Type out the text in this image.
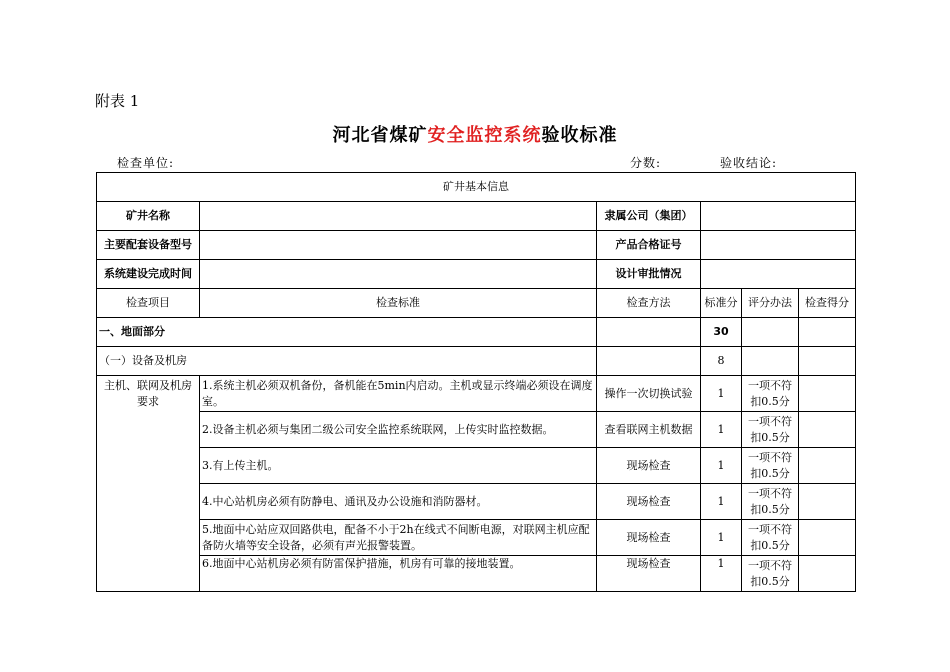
附表 1
河北省煤矿安全监控系统验收标准
检查单位:	分数:	验收结论:
矿井基本信息					
矿井名称		隶属公司（集团）			
主要配套设备型号		产品合格证号			
系统建设完成时间		设计审批情况			
检查项目	检查标准	检查方法	标准分	评分办法	检查得分
一、地面部分			30		
（一）设备及机房			8		
主机、联网及机房要求	1.系统主机必须双机备份，备机能在5min内启动。主机或显示终端必须设在调度室。	操作一次切换试验	1	一项不符扣0.5分	
	2.设备主机必须与集团二级公司安全监控系统联网，上传实时监控数据。	查看联网主机数据	1	一项不符扣0.5分	
	3.有上传主机。	现场检查	1	一项不符扣0.5分	
	4.中心站机房必须有防静电、通讯及办公设施和消防器材。	现场检查	1	一项不符扣0.5分	
	5.地面中心站应双回路供电，配备不小于2h在线式不间断电源，对联网主机应配备防火墙等安全设备，必须有声光报警装置。	现场检查	1	一项不符扣0.5分	
	6.地面中心站机房必须有防雷保护措施，机房有可靠的接地装置。	现场检查	1	一项不符扣0.5分	
